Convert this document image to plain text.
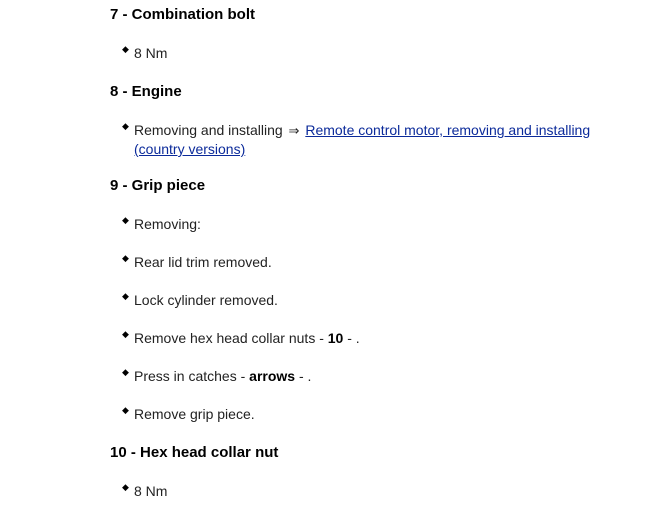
7 - Combination bolt
◆ 8 Nm
8 - Engine
◆ Removing and installing ⇒ Remote control motor, removing and installing (country versions)
9 - Grip piece
◆ Removing:
◆ Rear lid trim removed.
◆ Lock cylinder removed.
◆ Remove hex head collar nuts - 10 - .
◆ Press in catches - arrows - .
◆ Remove grip piece.
10 - Hex head collar nut
◆ 8 Nm
